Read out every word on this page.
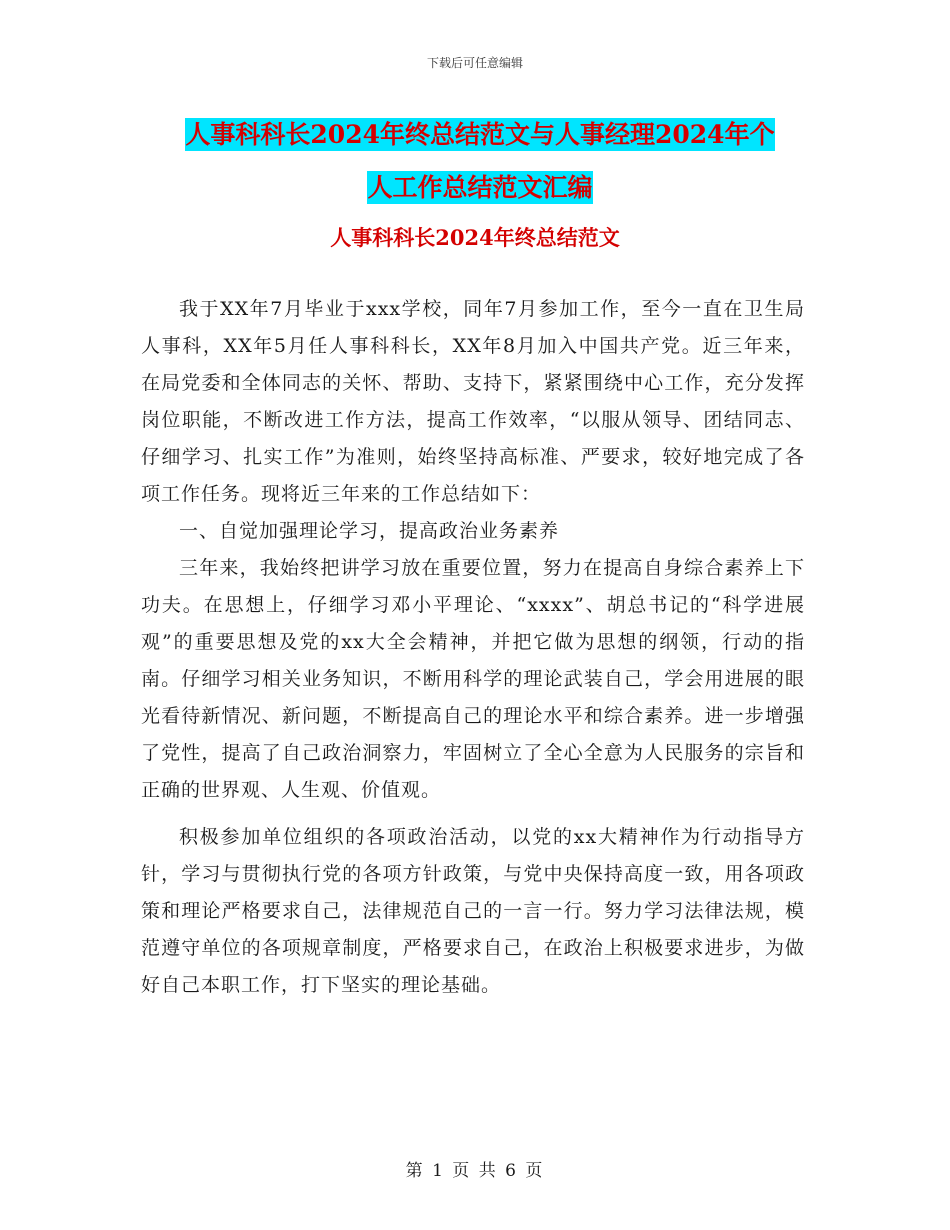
下载后可任意编辑
人事科科长2024年终总结范文与人事经理2024年个
人工作总结范文汇编
人事科科长2024年终总结范文

我于XX年7月毕业于xxx学校，同年7月参加工作，至今一直在卫生局人事科，XX年5月任人事科科长，XX年8月加入中国共产党。近三年来，在局党委和全体同志的关怀、帮助、支持下，紧紧围绕中心工作，充分发挥岗位职能，不断改进工作方法，提高工作效率，“以服从领导、团结同志、仔细学习、扎实工作”为准则，始终坚持高标准、严要求，较好地完成了各项工作任务。现将近三年来的工作总结如下：

一、自觉加强理论学习，提高政治业务素养

三年来，我始终把讲学习放在重要位置，努力在提高自身综合素养上下功夫。在思想上，仔细学习邓小平理论、“xxxx”、胡总书记的“科学进展观”的重要思想及党的xx大全会精神，并把它做为思想的纲领，行动的指南。仔细学习相关业务知识，不断用科学的理论武装自己，学会用进展的眼光看待新情况、新问题，不断提高自己的理论水平和综合素养。进一步增强了党性，提高了自己政治洞察力，牢固树立了全心全意为人民服务的宗旨和正确的世界观、人生观、价值观。

积极参加单位组织的各项政治活动，以党的xx大精神作为行动指导方针，学习与贯彻执行党的各项方针政策，与党中央保持高度一致，用各项政策和理论严格要求自己，法律规范自己的一言一行。努力学习法律法规，模范遵守单位的各项规章制度，严格要求自己，在政治上积极要求进步，为做好自己本职工作，打下坚实的理论基础。

第 1 页 共 6 页
